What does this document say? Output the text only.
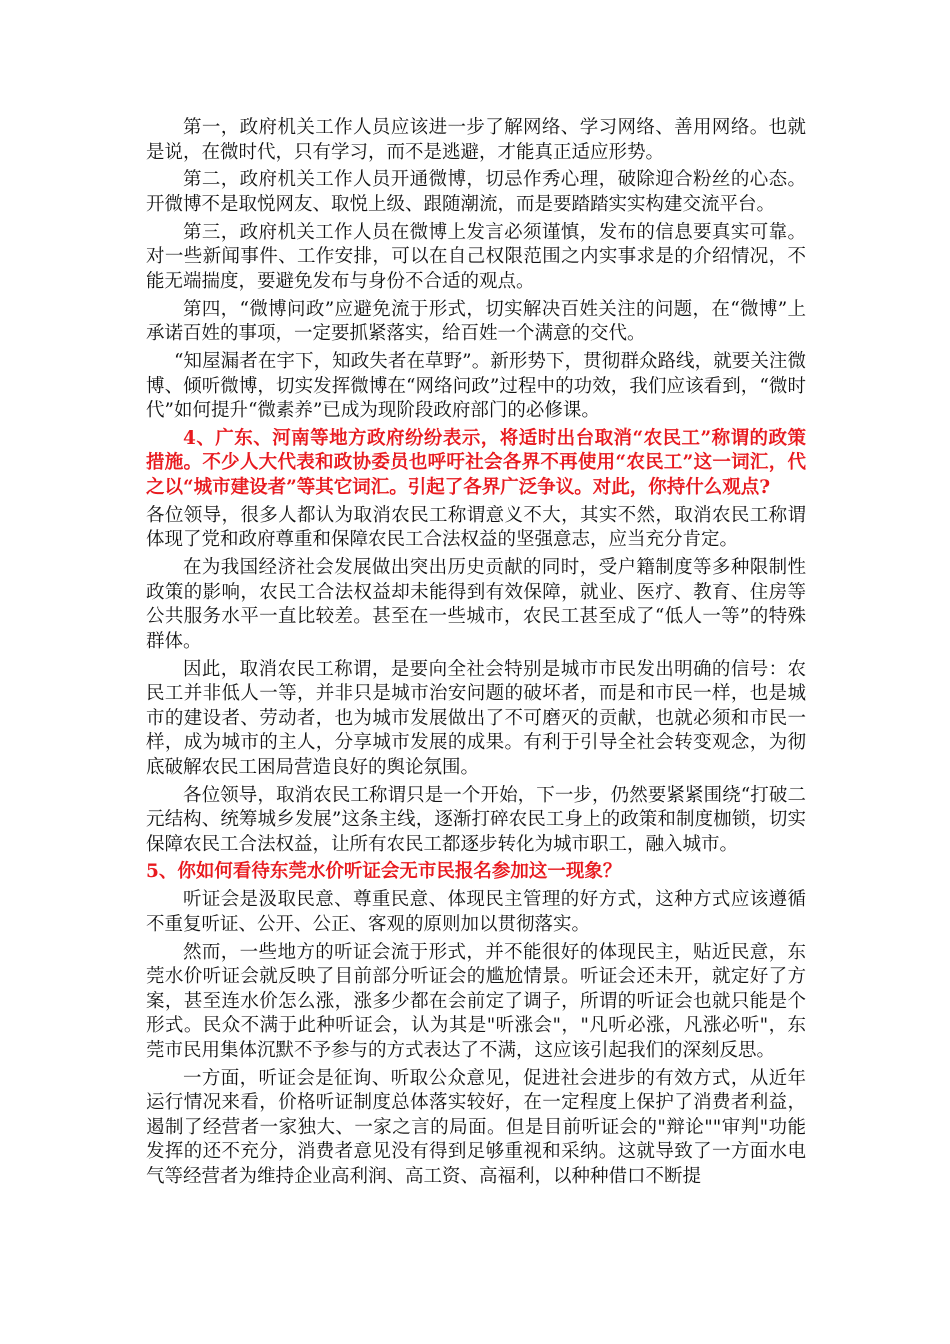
第一，政府机关工作人员应该进一步了解网络、学习网络、善用网络。也就是说，在微时代，只有学习，而不是逃避，才能真正适应形势。

第二，政府机关工作人员开通微博，切忌作秀心理，破除迎合粉丝的心态。开微博不是取悦网友、取悦上级、跟随潮流，而是要踏踏实实构建交流平台。

第三，政府机关工作人员在微博上发言必须谨慎，发布的信息要真实可靠。对一些新闻事件、工作安排，可以在自己权限范围之内实事求是的介绍情况，不能无端揣度，要避免发布与身份不合适的观点。

第四，“微博问政”应避免流于形式，切实解决百姓关注的问题，在“微博”上承诺百姓的事项，一定要抓紧落实，给百姓一个满意的交代。

“知屋漏者在宇下，知政失者在草野”。新形势下，贯彻群众路线，就要关注微博、倾听微博，切实发挥微博在“网络问政”过程中的功效，我们应该看到，“微时代”如何提升“微素养”已成为现阶段政府部门的必修课。

4、广东、河南等地方政府纷纷表示，将适时出台取消“农民工”称谓的政策措施。不少人大代表和政协委员也呼吁社会各界不再使用“农民工”这一词汇，代之以“城市建设者”等其它词汇。引起了各界广泛争议。对此，你持什么观点?

各位领导，很多人都认为取消农民工称谓意义不大，其实不然，取消农民工称谓体现了党和政府尊重和保障农民工合法权益的坚强意志，应当充分肯定。

在为我国经济社会发展做出突出历史贡献的同时，受户籍制度等多种限制性政策的影响，农民工合法权益却未能得到有效保障，就业、医疗、教育、住房等公共服务水平一直比较差。甚至在一些城市，农民工甚至成了“低人一等”的特殊群体。

因此，取消农民工称谓，是要向全社会特别是城市市民发出明确的信号：农民工并非低人一等，并非只是城市治安问题的破坏者，而是和市民一样，也是城市的建设者、劳动者，也为城市发展做出了不可磨灭的贡献，也就必须和市民一样，成为城市的主人，分享城市发展的成果。有利于引导全社会转变观念，为彻底破解农民工困局营造良好的舆论氛围。

各位领导，取消农民工称谓只是一个开始，下一步，仍然要紧紧围绕“打破二元结构、统筹城乡发展”这条主线，逐渐打碎农民工身上的政策和制度枷锁，切实保障农民工合法权益，让所有农民工都逐步转化为城市职工，融入城市。

5、你如何看待东莞水价听证会无市民报名参加这一现象？

听证会是汲取民意、尊重民意、体现民主管理的好方式，这种方式应该遵循不重复听证、公开、公正、客观的原则加以贯彻落实。

然而，一些地方的听证会流于形式，并不能很好的体现民主，贴近民意，东莞水价听证会就反映了目前部分听证会的尴尬情景。听证会还未开，就定好了方案，甚至连水价怎么涨，涨多少都在会前定了调子，所谓的听证会也就只能是个形式。民众不满于此种听证会，认为其是"听涨会"，"凡听必涨，凡涨必听"，东莞市民用集体沉默不予参与的方式表达了不满，这应该引起我们的深刻反思。

一方面，听证会是征询、听取公众意见，促进社会进步的有效方式，从近年运行情况来看，价格听证制度总体落实较好，在一定程度上保护了消费者利益，遏制了经营者一家独大、一家之言的局面。但是目前听证会的"辩论""审判"功能发挥的还不充分，消费者意见没有得到足够重视和采纳。这就导致了一方面水电气等经营者为维持企业高利润、高工资、高福利，以种种借口不断提
